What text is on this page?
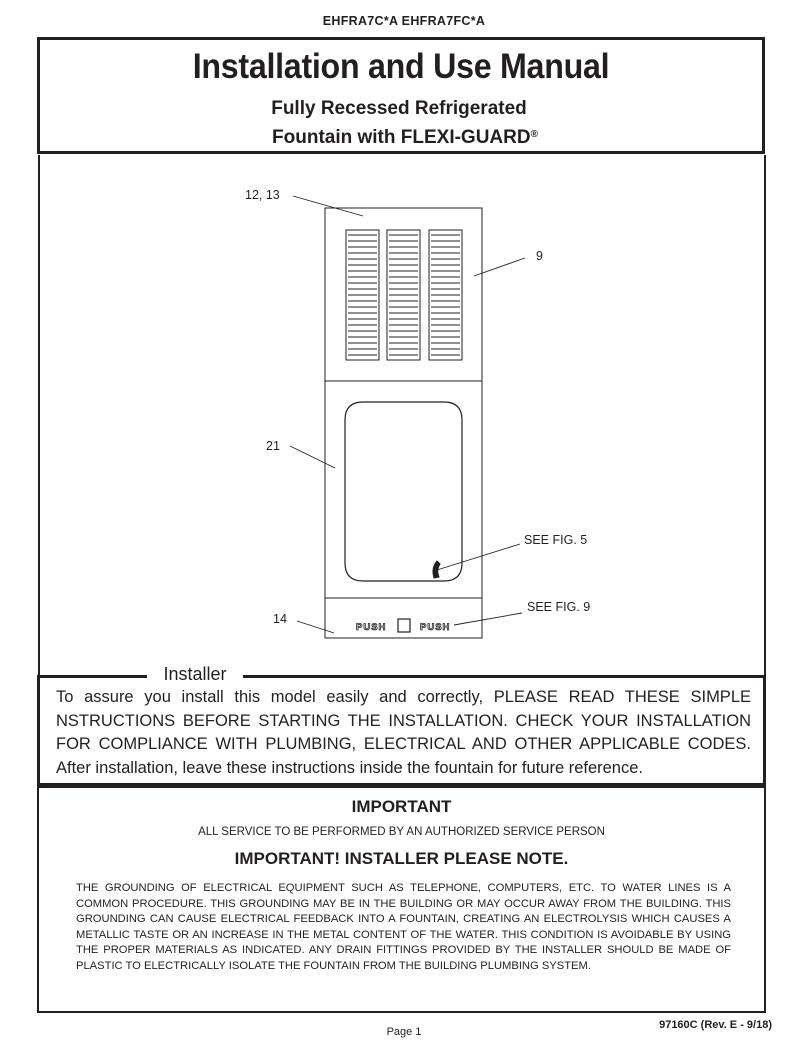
EHFRA7C*A EHFRA7FC*A
Installation and Use Manual
Fully Recessed Refrigerated
Fountain with FLEXI-GUARD®
12, 13
9
21
14
SEE FIG. 5
SEE FIG. 9
PUSH	PUSH
To assure you install this model easily and correctly, PLEASE READ THESE SIMPLE NSTRUCTIONS BEFORE STARTING THE INSTALLATION. CHECK YOUR INSTALLATION FOR COMPLIANCE WITH PLUMBING, ELECTRICAL AND OTHER APPLICABLE CODES.
After installation, leave these instructions inside the fountain for future reference.
Installer
IMPORTANT
ALL SERVICE TO BE PERFORMED BY AN AUTHORIZED SERVICE PERSON
IMPORTANT! INSTALLER PLEASE NOTE.
THE GROUNDING OF ELECTRICAL EQUIPMENT SUCH AS TELEPHONE, COMPUTERS, ETC. TO WATER LINES IS A COMMON PROCEDURE. THIS GROUNDING MAY BE IN THE BUILDING OR MAY OCCUR AWAY FROM THE BUILDING. THIS GROUNDING CAN CAUSE ELECTRICAL FEEDBACK INTO A FOUNTAIN, CREATING AN ELECTROLYSIS WHICH CAUSES A METALLIC TASTE OR AN INCREASE IN THE METAL CONTENT OF THE WATER. THIS CONDITION IS AVOIDABLE BY USING THE PROPER MATERIALS AS INDICATED. ANY DRAIN FITTINGS PROVIDED BY THE INSTALLER SHOULD BE MADE OF PLASTIC TO ELECTRICALLY ISOLATE THE FOUNTAIN FROM THE BUILDING PLUMBING SYSTEM.
Page 1
97160C (Rev. E - 9/18)
